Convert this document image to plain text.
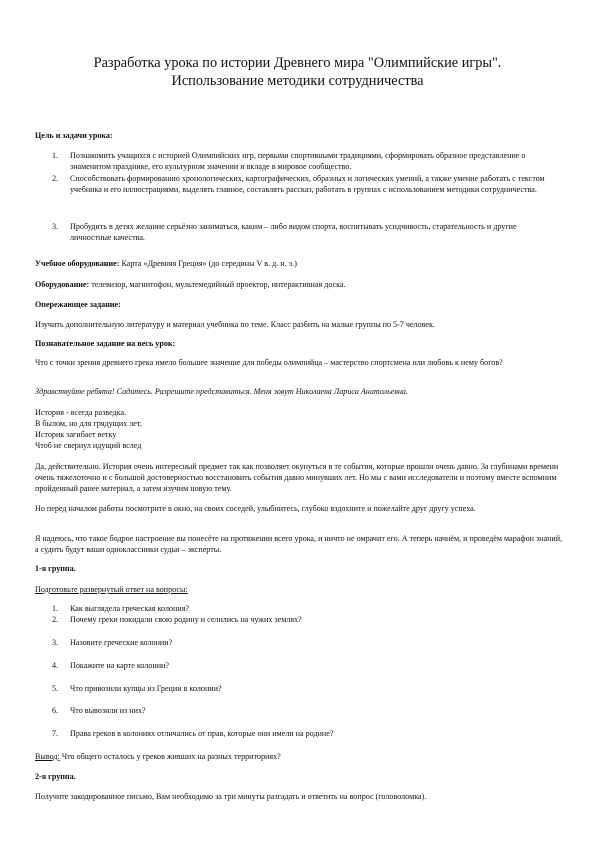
Разработка урока по истории Древнего мира "Олимпийские игры".
Использование методики сотрудничества
Цель и задачи урока:
1. Познакомить учащихся с историей Олимпийских игр, первыми спортивными традициями, сформировать образное представление о знаменитом празднике, его культурном значении и вкладе в мировое сообщество.
2. Способствовать формированию хронологических, картографических, образных и логических умений, а также умение работать с текстом учебника и его иллюстрациями, выделять главное, составлять рассказ, работать в группах с использованием методики сотрудничества.
3. Пробудить в детях желание серьёзно заниматься, каким – либо видом спорта, воспитывать усидчивость, старательность и другие личностные качества.
Учебное оборудование: Карта «Древняя Греция» (до середины V в. д. н. э.)
Оборудование: телевизор, магнитофон, мультемедийный проектор, интерактивная доска.
Опережающее задание:
Изучить дополнительную литературу и материал учебника по теме. Класс разбить на малые группы по 5-7 человек.
Познавательное задание на весь урок:
Что с точки зрения древнего грека имело большее значение для победы олимпийца – мастерство спортсмена или любовь к нему богов?
Здравствуйте ребята! Садитесь. Разрешите представиться. Меня зовут Николаева Лариса Анатольевна.
История - всегда разведка.
В былом, но для грядущих лет,
Историк загибает ветку
Чтоб не свернул идущий вслед
Да, действительно. История очень интересный предмет так как позволяет окунуться в те события, которые прошли очень давно. За глубинами времени очень тяжелоточно и с большой достоверностью восстановить события давно минувших лет. Но мы с вами исследователи и поэтому вместе вспомним пройденный ранее материал, а затем изучим новую тему.
Но перед началом работы посмотрите в окно, на своих соседей, улыбнитесь, глубоко вздохните и пожелайте друг другу успеха.
Я надеюсь, что такое бодрое настроение вы понесёте на протяжении всего урока, и ничто не омрачит его. А теперь начнём, и проведём марафон знаний, а судить будут ваши одноклассники судьи – эксперты.
1-я группа.
Подготовьте развернутый ответ на вопросы:
1. Как выглядела греческая колония?
2. Почему греки покидали свою родину и селились на чужих землях?
3. Назовите греческие колонии?
4. Покажите на карте колонии?
5. Что привозили купцы из Греции в колонии?
6. Что вывозили из них?
7. Права греков в колониях отличались от прав, которые они имели на родине?
Вывод: Что общего осталось у греков живших на разных территориях?
2-я группа.
Получите закодированное письмо, Вам необходимо за три минуты разгадать и ответить на вопрос (головоломка).
